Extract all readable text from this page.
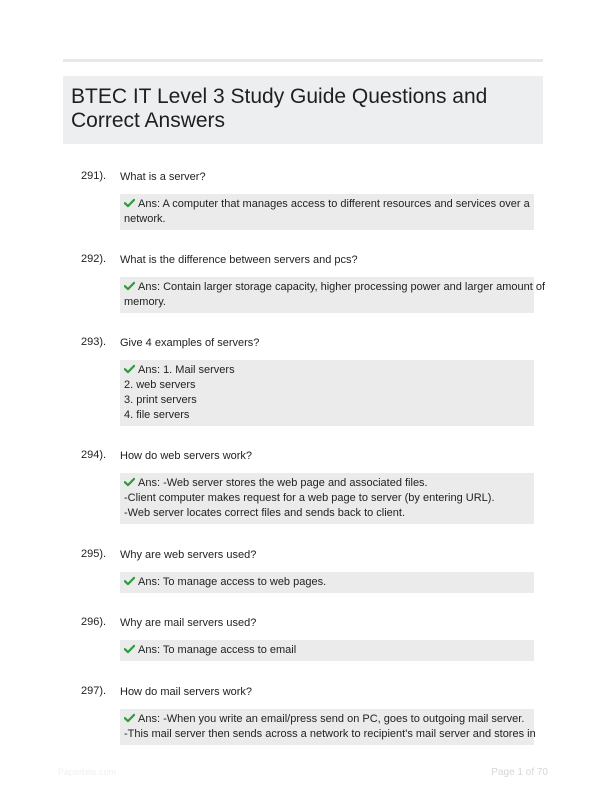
BTEC IT Level 3 Study Guide Questions and
Correct Answers
291). What is a server?
Ans: A computer that manages access to different resources and services over a
network.
292). What is the difference between servers and pcs?
Ans: Contain larger storage capacity, higher processing power and larger amount of
memory.
293). Give 4 examples of servers?
Ans: 1. Mail servers
2. web servers
3. print servers
4. file servers
294). How do web servers work?
Ans: -Web server stores the web page and associated files.
-Client computer makes request for a web page to server (by entering URL).
-Web server locates correct files and sends back to client.
295). Why are web servers used?
Ans: To manage access to web pages.
296). Why are mail servers used?
Ans: To manage access to email
297). How do mail servers work?
Ans: -When you write an email/press send on PC, goes to outgoing mail server.
-This mail server then sends across a network to recipient's mail server and stores in
Paperbite.com	Page 1 of 70
